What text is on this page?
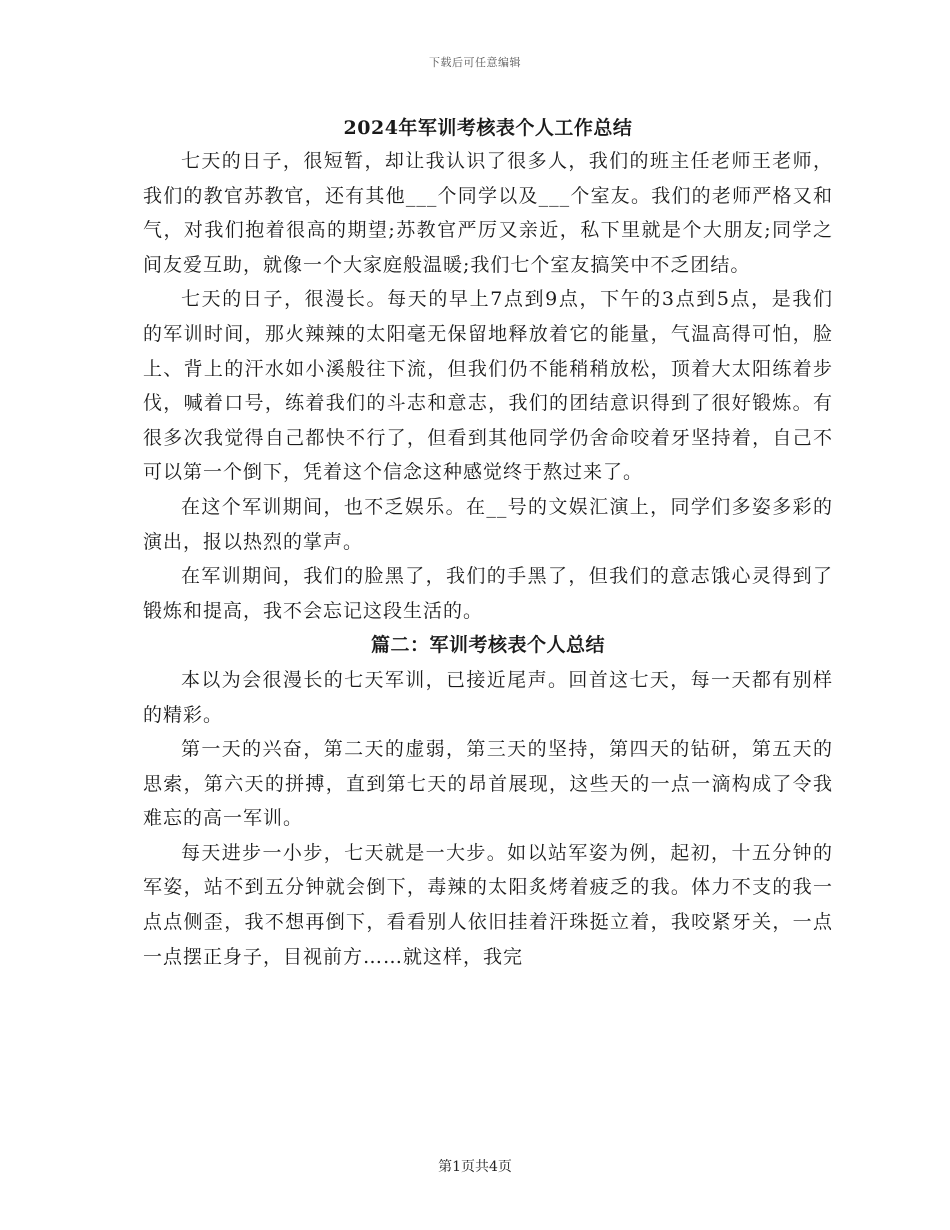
下载后可任意编辑
2024年军训考核表个人工作总结

七天的日子，很短暂，却让我认识了很多人，我们的班主任老师王老师，我们的教官苏教官，还有其他___个同学以及___个室友。我们的老师严格又和气，对我们抱着很高的期望;苏教官严厉又亲近，私下里就是个大朋友;同学之间友爱互助，就像一个大家庭般温暖;我们七个室友搞笑中不乏团结。

七天的日子，很漫长。每天的早上7点到9点，下午的3点到5点，是我们的军训时间，那火辣辣的太阳毫无保留地释放着它的能量，气温高得可怕，脸上、背上的汗水如小溪般往下流，但我们仍不能稍稍放松，顶着大太阳练着步伐，喊着口号，练着我们的斗志和意志，我们的团结意识得到了很好锻炼。有很多次我觉得自己都快不行了，但看到其他同学仍舍命咬着牙坚持着，自己不可以第一个倒下，凭着这个信念这种感觉终于熬过来了。

在这个军训期间，也不乏娱乐。在__号的文娱汇演上，同学们多姿多彩的演出，报以热烈的掌声。

在军训期间，我们的脸黑了，我们的手黑了，但我们的意志饿心灵得到了锻炼和提高，我不会忘记这段生活的。

篇二：军训考核表个人总结

本以为会很漫长的七天军训，已接近尾声。回首这七天，每一天都有别样的精彩。

第一天的兴奋，第二天的虚弱，第三天的坚持，第四天的钻研，第五天的思索，第六天的拼搏，直到第七天的昂首展现，这些天的一点一滴构成了令我难忘的高一军训。

每天进步一小步，七天就是一大步。如以站军姿为例，起初，十五分钟的军姿，站不到五分钟就会倒下，毒辣的太阳炙烤着疲乏的我。体力不支的我一点点侧歪，我不想再倒下，看看别人依旧挂着汗珠挺立着，我咬紧牙关，一点一点摆正身子，目视前方……就这样，我完

第1页共4页
